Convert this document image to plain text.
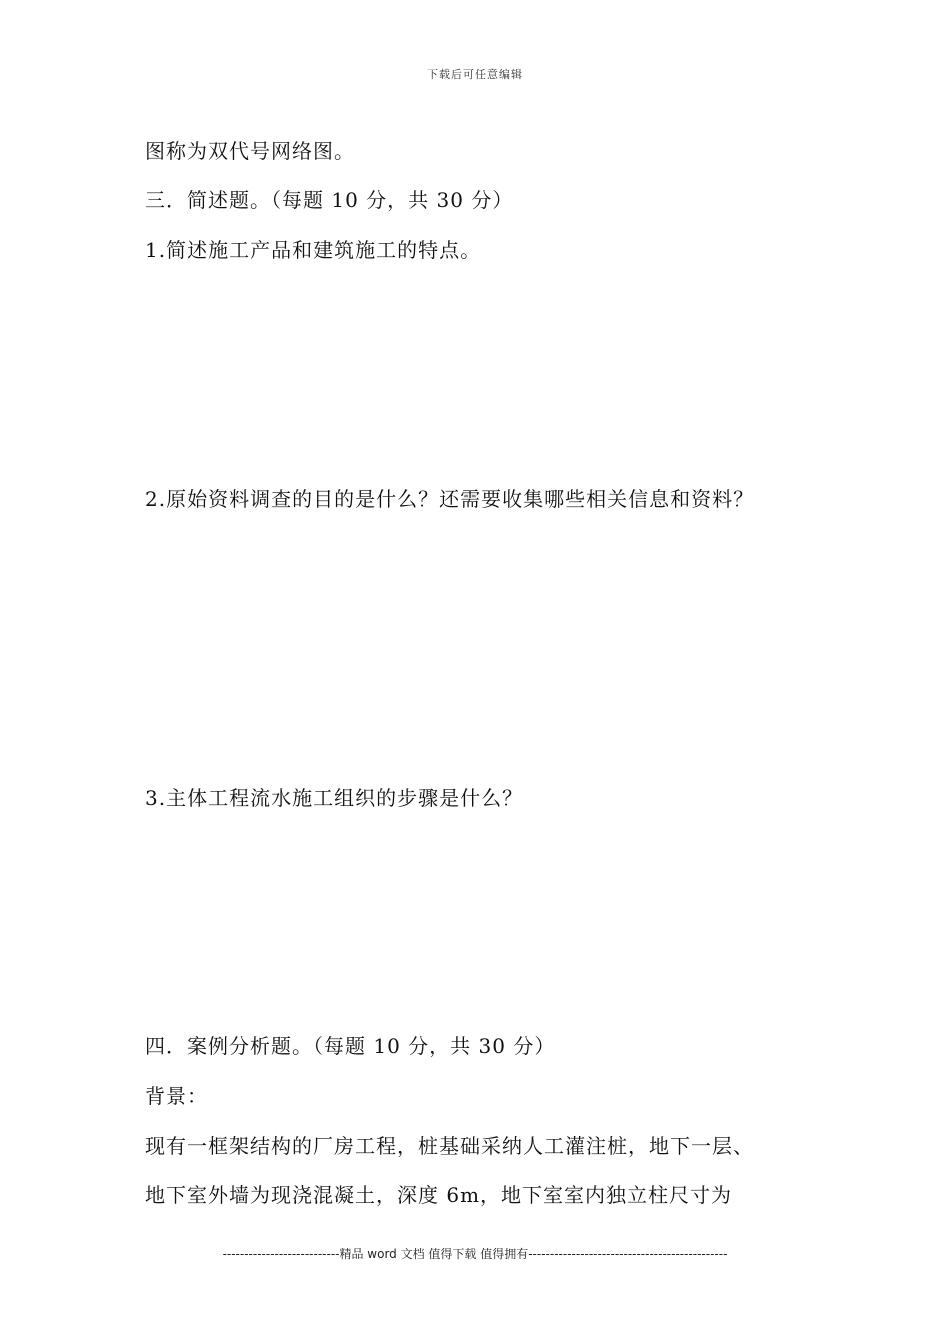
下载后可任意编辑
图称为双代号网络图。
三．简述题。（每题 10 分，共 30 分）
1.简述施工产品和建筑施工的特点。
2.原始资料调查的目的是什么？还需要收集哪些相关信息和资料？
3.主体工程流水施工组织的步骤是什么？
四．案例分析题。（每题 10 分，共 30 分）
背景：
现有一框架结构的厂房工程，桩基础采纳人工灌注桩，地下一层、
地下室外墙为现浇混凝土，深度 6m，地下室室内独立柱尺寸为
---------------------------精品 word 文档 值得下载 值得拥有----------------------------------------------
